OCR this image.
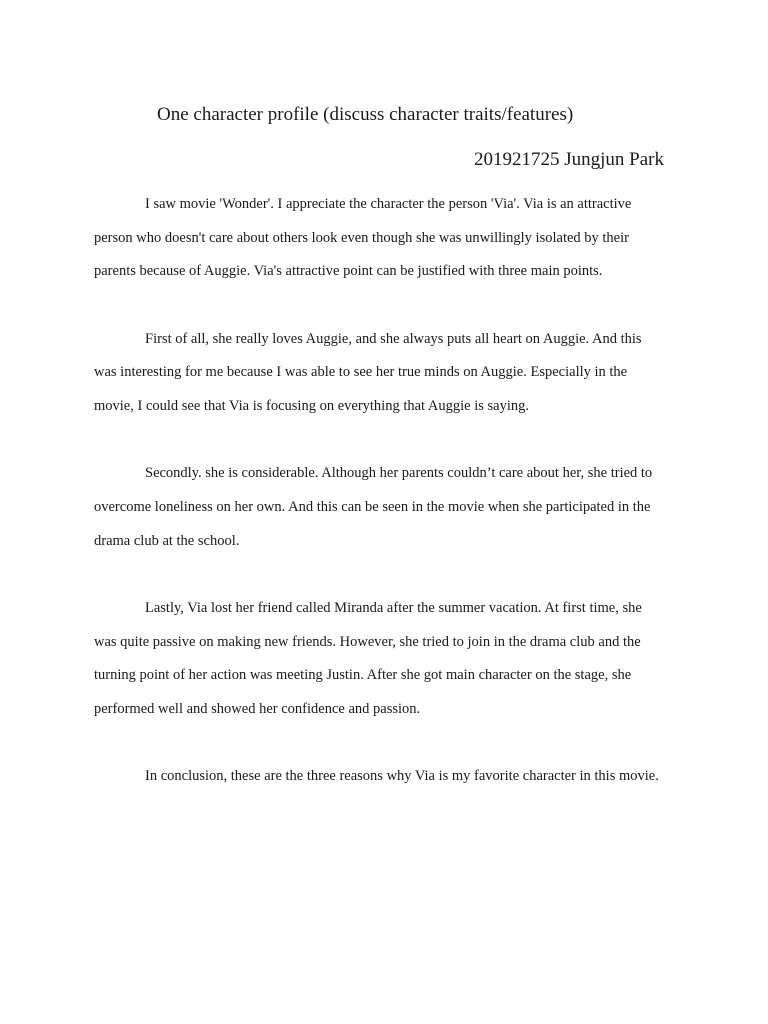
One character profile (discuss character traits/features)
201921725 Jungjun Park

I saw movie 'Wonder'. I appreciate the character the person 'Via'. Via is an attractive person who doesn't care about others look even though she was unwillingly isolated by their parents because of Auggie. Via's attractive point can be justified with three main points.

First of all, she really loves Auggie, and she always puts all heart on Auggie. And this was interesting for me because I was able to see her true minds on Auggie. Especially in the movie, I could see that Via is focusing on everything that Auggie is saying.

Secondly. she is considerable. Although her parents couldn’t care about her, she tried to overcome loneliness on her own. And this can be seen in the movie when she participated in the drama club at the school.

Lastly, Via lost her friend called Miranda after the summer vacation. At first time, she was quite passive on making new friends. However, she tried to join in the drama club and the turning point of her action was meeting Justin. After she got main character on the stage, she performed well and showed her confidence and passion.

In conclusion, these are the three reasons why Via is my favorite character in this movie.
